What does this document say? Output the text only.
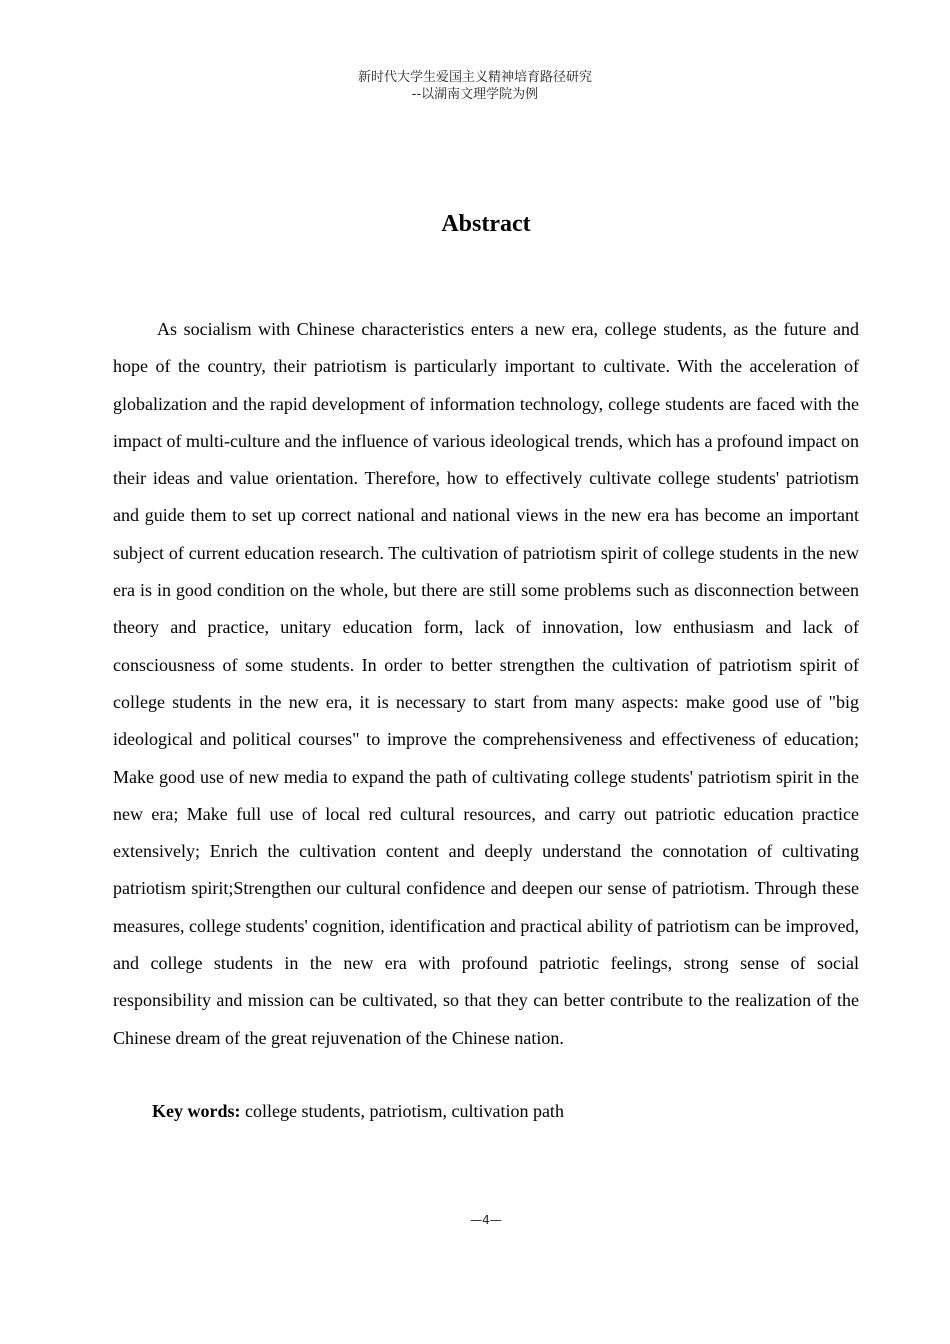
新时代大学生爱国主义精神培育路径研究
--以湖南文理学院为例
Abstract

As socialism with Chinese characteristics enters a new era, college students, as the future and hope of the country, their patriotism is particularly important to cultivate. With the acceleration of globalization and the rapid development of information technology, college students are faced with the impact of multi-culture and the influence of various ideological trends, which has a profound impact on their ideas and value orientation. Therefore, how to effectively cultivate college students' patriotism and guide them to set up correct national and national views in the new era has become an important subject of current education research. The cultivation of patriotism spirit of college students in the new era is in good condition on the whole, but there are still some problems such as disconnection between theory and practice, unitary education form, lack of innovation, low enthusiasm and lack of consciousness of some students. In order to better strengthen the cultivation of patriotism spirit of college students in the new era, it is necessary to start from many aspects: make good use of "big ideological and political courses" to improve the comprehensiveness and effectiveness of education; Make good use of new media to expand the path of cultivating college students' patriotism spirit in the new era; Make full use of local red cultural resources, and carry out patriotic education practice extensively; Enrich the cultivation content and deeply understand the connotation of cultivating patriotism spirit;Strengthen our cultural confidence and deepen our sense of patriotism. Through these measures, college students' cognition, identification and practical ability of patriotism can be improved, and college students in the new era with profound patriotic feelings, strong sense of social responsibility and mission can be cultivated, so that they can better contribute to the realization of the Chinese dream of the great rejuvenation of the Chinese nation.

Key words: college students, patriotism, cultivation path

—4—
